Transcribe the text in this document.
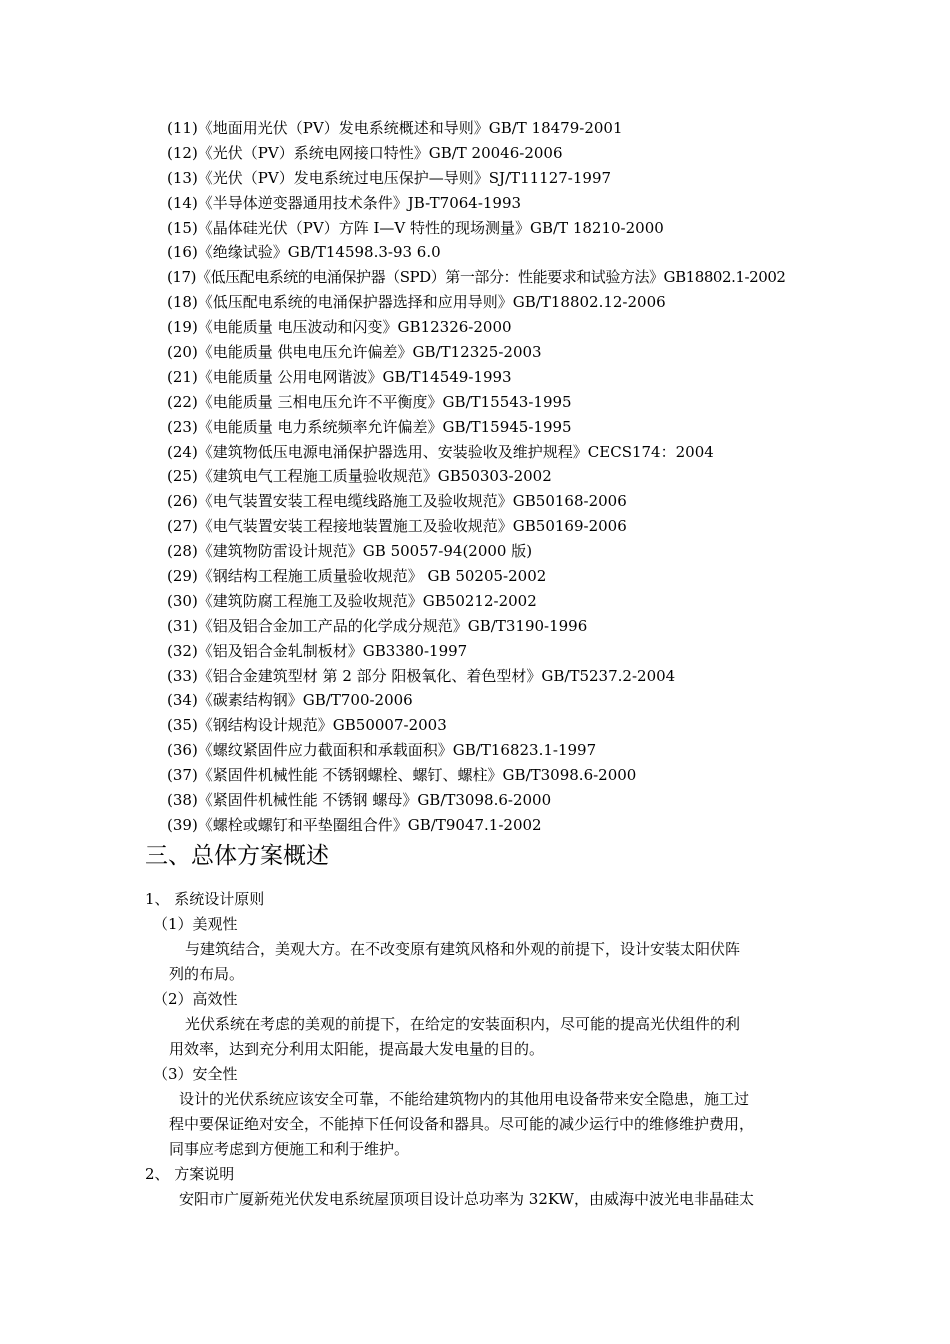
(11)《地面用光伏（PV）发电系统概述和导则》GB/T 18479-2001
(12)《光伏（PV）系统电网接口特性》GB/T 20046-2006
(13)《光伏（PV）发电系统过电压保护—导则》SJ/T11127-1997
(14)《半导体逆变器通用技术条件》JB-T7064-1993
(15)《晶体硅光伏（PV）方阵 I—V 特性的现场测量》GB/T 18210-2000
(16)《绝缘试验》GB/T14598.3-93 6.0
(17)《低压配电系统的电涌保护器（SPD）第一部分：性能要求和试验方法》GB18802.1-2002
(18)《低压配电系统的电涌保护器选择和应用导则》GB/T18802.12-2006
(19)《电能质量 电压波动和闪变》GB12326-2000
(20)《电能质量 供电电压允许偏差》GB/T12325-2003
(21)《电能质量 公用电网谐波》GB/T14549-1993
(22)《电能质量 三相电压允许不平衡度》GB/T15543-1995
(23)《电能质量 电力系统频率允许偏差》GB/T15945-1995
(24)《建筑物低压电源电涌保护器选用、安装验收及维护规程》CECS174：2004
(25)《建筑电气工程施工质量验收规范》GB50303-2002
(26)《电气装置安装工程电缆线路施工及验收规范》GB50168-2006
(27)《电气装置安装工程接地装置施工及验收规范》GB50169-2006
(28)《建筑物防雷设计规范》GB 50057-94(2000 版)
(29)《钢结构工程施工质量验收规范》 GB 50205-2002
(30)《建筑防腐工程施工及验收规范》GB50212-2002
(31)《铝及铝合金加工产品的化学成分规范》GB/T3190-1996
(32)《铝及铝合金轧制板材》GB3380-1997
(33)《铝合金建筑型材 第 2 部分 阳极氧化、着色型材》GB/T5237.2-2004
(34)《碳素结构钢》GB/T700-2006
(35)《钢结构设计规范》GB50007-2003
(36)《螺纹紧固件应力截面积和承载面积》GB/T16823.1-1997
(37)《紧固件机械性能 不锈钢螺栓、螺钉、螺柱》GB/T3098.6-2000
(38)《紧固件机械性能 不锈钢 螺母》GB/T3098.6-2000
(39)《螺栓或螺钉和平垫圈组合件》GB/T9047.1-2002
三、总体方案概述
1、 系统设计原则
（1）美观性
与建筑结合，美观大方。在不改变原有建筑风格和外观的前提下，设计安装太阳伏阵
列的布局。
（2）高效性
光伏系统在考虑的美观的前提下，在给定的安装面积内，尽可能的提高光伏组件的利
用效率，达到充分利用太阳能，提高最大发电量的目的。
（3）安全性
设计的光伏系统应该安全可靠，不能给建筑物内的其他用电设备带来安全隐患，施工过
程中要保证绝对安全，不能掉下任何设备和器具。尽可能的减少运行中的维修维护费用，
同事应考虑到方便施工和利于维护。
2、 方案说明
安阳市广厦新苑光伏发电系统屋顶项目设计总功率为 32KW，由威海中波光电非晶硅太
